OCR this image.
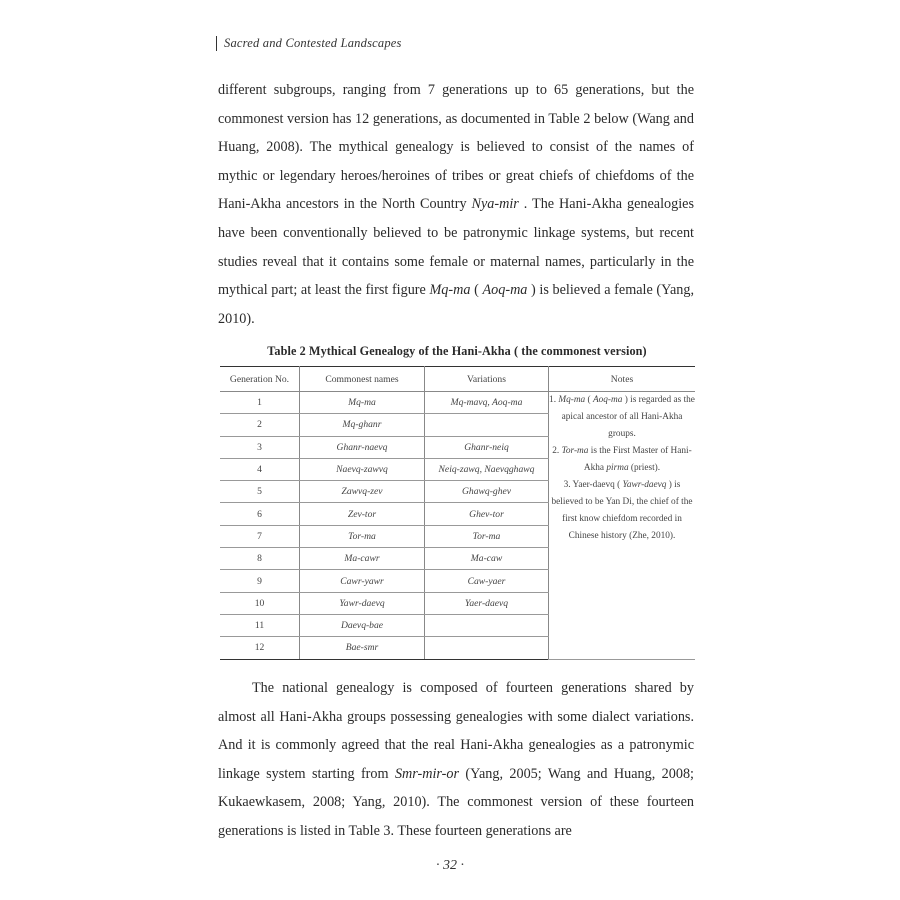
Sacred and Contested Landscapes
different subgroups, ranging from 7 generations up to 65 generations, but the commonest version has 12 generations, as documented in Table 2 below (Wang and Huang, 2008). The mythical genealogy is believed to consist of the names of mythic or legendary heroes/heroines of tribes or great chiefs of chiefdoms of the Hani-Akha ancestors in the North Country Nya-mir . The Hani-Akha genealogies have been conventionally believed to be patronymic linkage systems, but recent studies reveal that it contains some female or maternal names, particularly in the mythical part; at least the first figure Mq-ma ( Aoq-ma ) is believed a female (Yang, 2010).
Table 2 Mythical Genealogy of the Hani-Akha ( the commonest version)
Generation No.	Commonest names	Variations	Notes
1	Mq-ma	Mq-mavq, Aoq-ma	1. Mq-ma ( Aoq-ma ) is regarded as the apical ancestor of all Hani-Akha groups.
2. Tor-ma is the First Master of Hani-Akha pirma (priest).
3. Yaer-daevq ( Yawr-daevq ) is believed to be Yan Di, the chief of the first know chiefdom recorded in Chinese history (Zhe, 2010).

2	Mq-ghanr		
3	Ghanr-naevq	Ghanr-neiq	
4	Naevq-zawvq	Neiq-zawq, Naevqghawq	
5	Zawvq-zev	Ghawq-ghev	
6	Zev-tor	Ghev-tor	
7	Tor-ma	Tor-ma	
8	Ma-cawr	Ma-caw	
9	Cawr-yawr	Caw-yaer	
10	Yawr-daevq	Yaer-daevq	
11	Daevq-bae		
12	Bae-smr		
The national genealogy is composed of fourteen generations shared by almost all Hani-Akha groups possessing genealogies with some dialect variations. And it is commonly agreed that the real Hani-Akha genealogies as a patronymic linkage system starting from Smr-mir-or (Yang, 2005; Wang and Huang, 2008; Kukaewkasem, 2008; Yang, 2010). The commonest version of these fourteen generations is listed in Table 3. These fourteen generations are
· 32 ·
